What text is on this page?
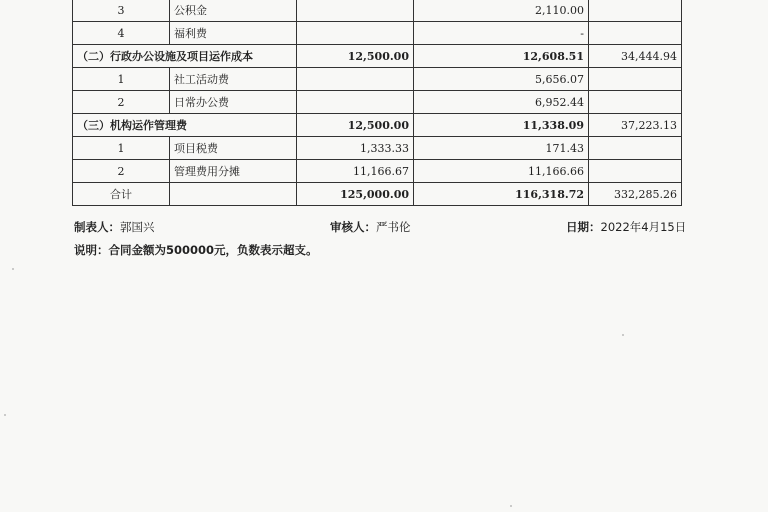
3	公积金		2,110.00	
4	福利费		-	
（二）行政办公设施及项目运作成本		12,500.00	12,608.51	34,444.94
1	社工活动费		5,656.07	
2	日常办公费		6,952.44	
（三）机构运作管理费		12,500.00	11,338.09	37,223.13
1	项目税费	1,333.33	171.43	
2	管理费用分摊	11,166.67	11,166.66	
合计		125,000.00	116,318.72	332,285.26
制表人：郭国兴	审核人：严书伦	日期：2022年4月15日
说明：合同金额为500000元，负数表示超支。
